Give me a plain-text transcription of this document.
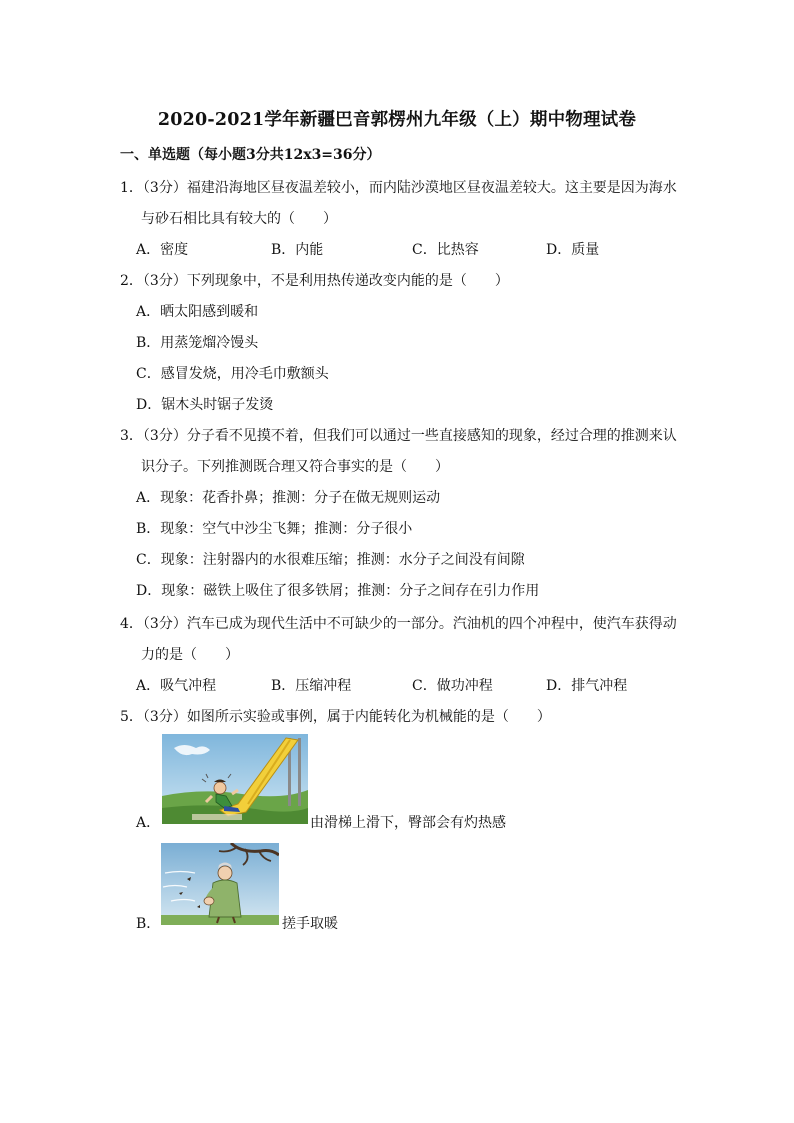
2020-2021学年新疆巴音郭楞州九年级（上）期中物理试卷
一、单选题（每小题3分共12x3=36分）
1．（3分）福建沿海地区昼夜温差较小，而内陆沙漠地区昼夜温差较大。这主要是因为海水
与砂石相比具有较大的（　　）
A．密度	B．内能	C．比热容	D．质量
2．（3分）下列现象中，不是利用热传递改变内能的是（　　）
A．晒太阳感到暖和
B．用蒸笼熘冷馒头
C．感冒发烧，用冷毛巾敷额头
D．锯木头时锯子发烫
3．（3分）分子看不见摸不着，但我们可以通过一些直接感知的现象，经过合理的推测来认
识分子。下列推测既合理又符合事实的是（　　）
A．现象：花香扑鼻；推测：分子在做无规则运动
B．现象：空气中沙尘飞舞；推测：分子很小
C．现象：注射器内的水很难压缩；推测：水分子之间没有间隙
D．现象：磁铁上吸住了很多铁屑；推测：分子之间存在引力作用
4．（3分）汽车已成为现代生活中不可缺少的一部分。汽油机的四个冲程中，使汽车获得动
力的是（　　）
A．吸气冲程	B．压缩冲程	C．做功冲程	D．排气冲程
5．（3分）如图所示实验或事例，属于内能转化为机械能的是（　　）
A．	由滑梯上滑下，臀部会有灼热感
B．	搓手取暖
